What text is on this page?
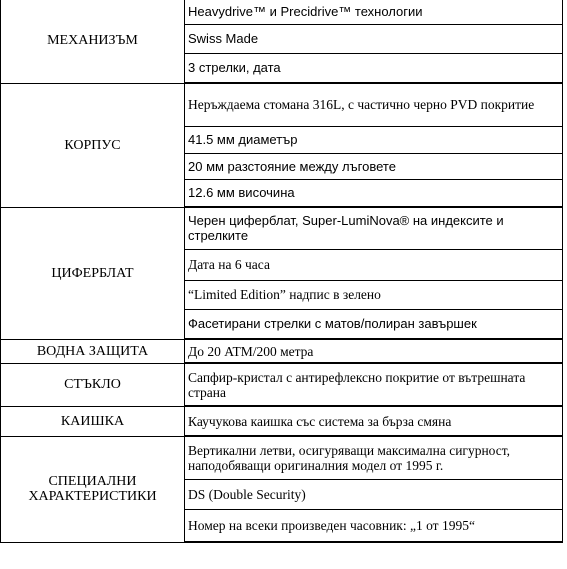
МЕХАНИЗЪМ	Heavydrive™ и Precidrive™ технологии
	Swiss Made
	3 стрелки, дата
КОРПУС	Неръждаема стомана 316L, с частично черно PVD покритие
	41.5 мм диаметър
	20 мм разстояние между лъговете
	12.6 мм височина
ЦИФЕРБЛАТ	Черен циферблат, Super-LumiNova® на индексите и стрелките
	Дата на 6 часа
	“Limited Edition” надпис в зелено
	Фасетирани стрелки с матов/полиран завършек
ВОДНА ЗАЩИТА	До 20 ATM/200 метра
СТЪКЛО	Сапфир-кристал с антирефлексно покритие от вътрешната страна
КАИШКА	Каучукова каишка със система за бърза смяна
СПЕЦИАЛНИ ХАРАКТЕРИСТИКИ	Вертикални летви, осигуряващи максимална сигурност, наподобяващи оригиналния модел от 1995 г.
	DS (Double Security)
	Номер на всеки произведен часовник: „1 от 1995“
